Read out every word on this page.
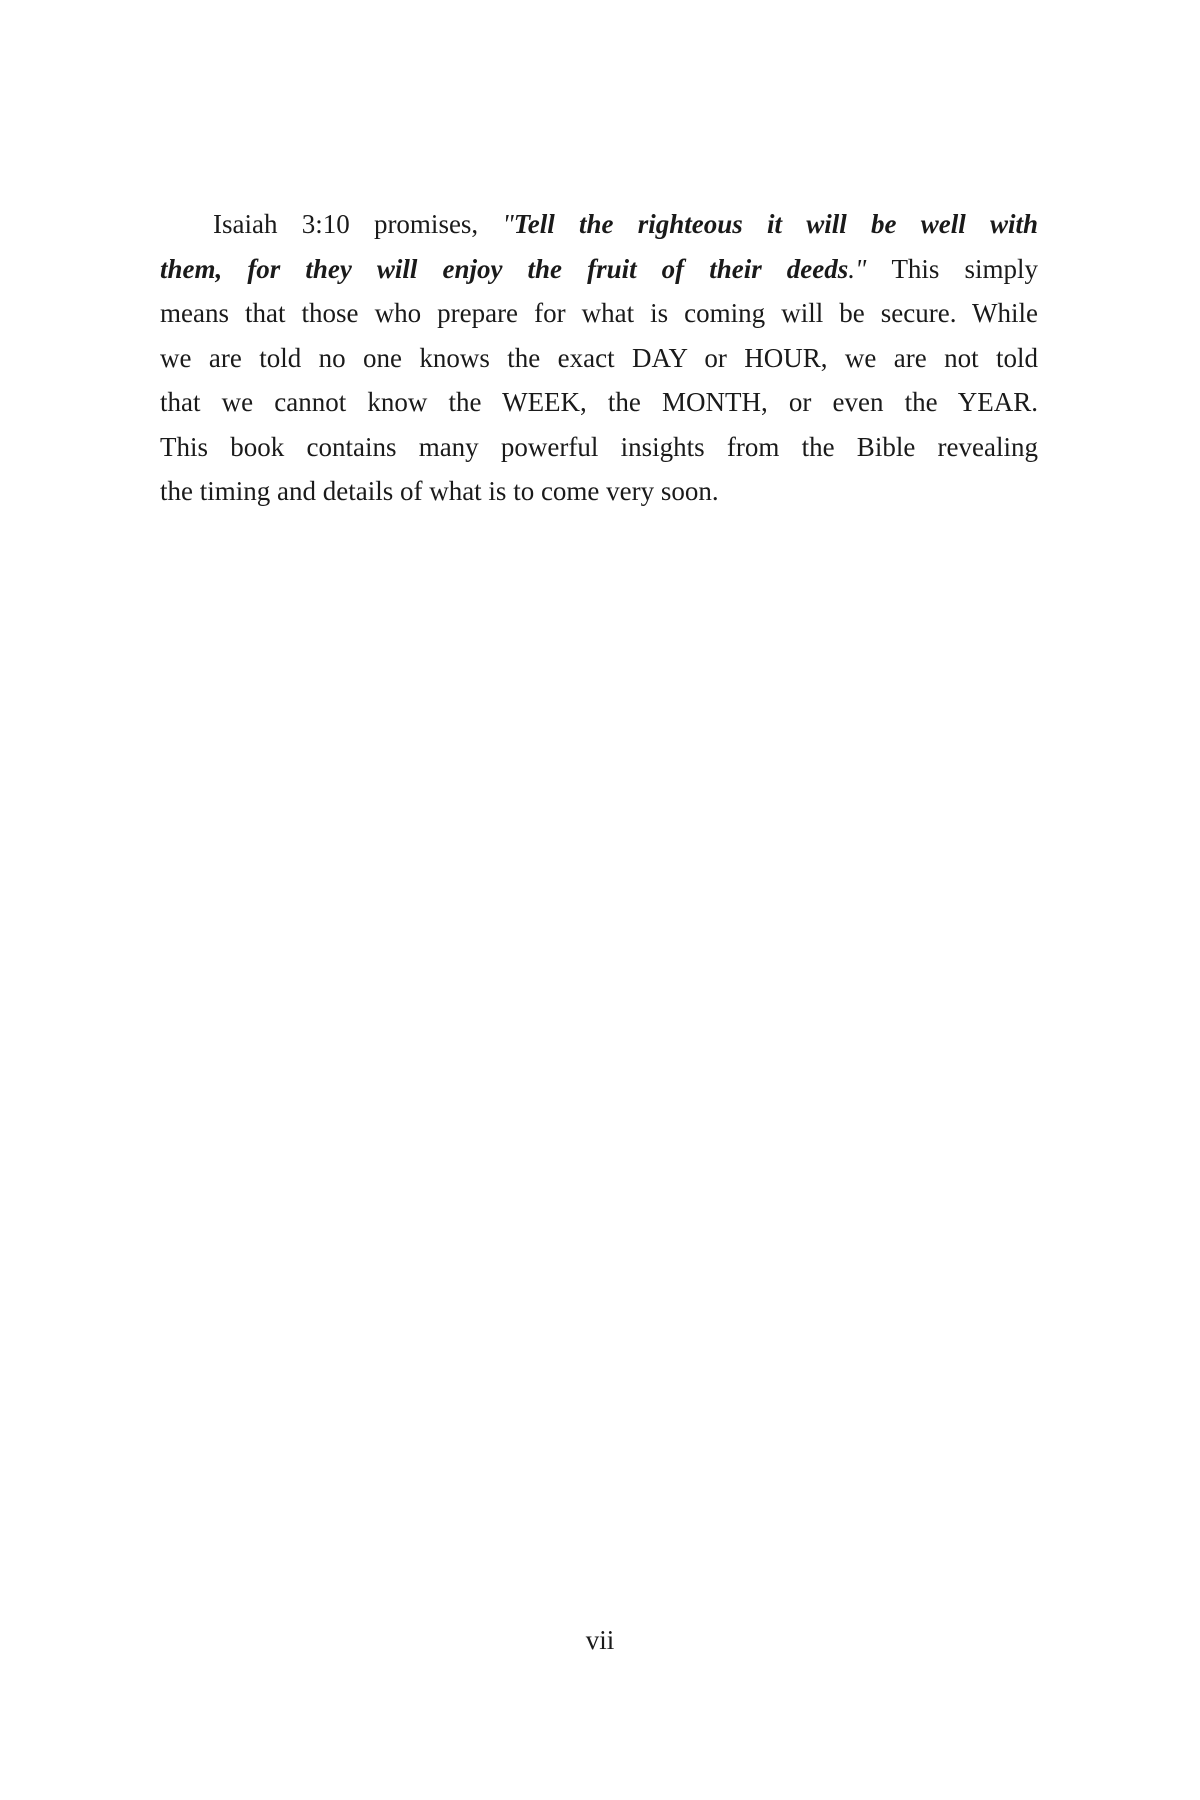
Isaiah 3:10 promises, "Tell the righteous it will be well with
them, for they will enjoy the fruit of their deeds." This simply
means that those who prepare for what is coming will be secure. While
we are told no one knows the exact DAY or HOUR, we are not told
that we cannot know the WEEK, the MONTH, or even the YEAR.
This book contains many powerful insights from the Bible revealing
the timing and details of what is to come very soon.

vii
